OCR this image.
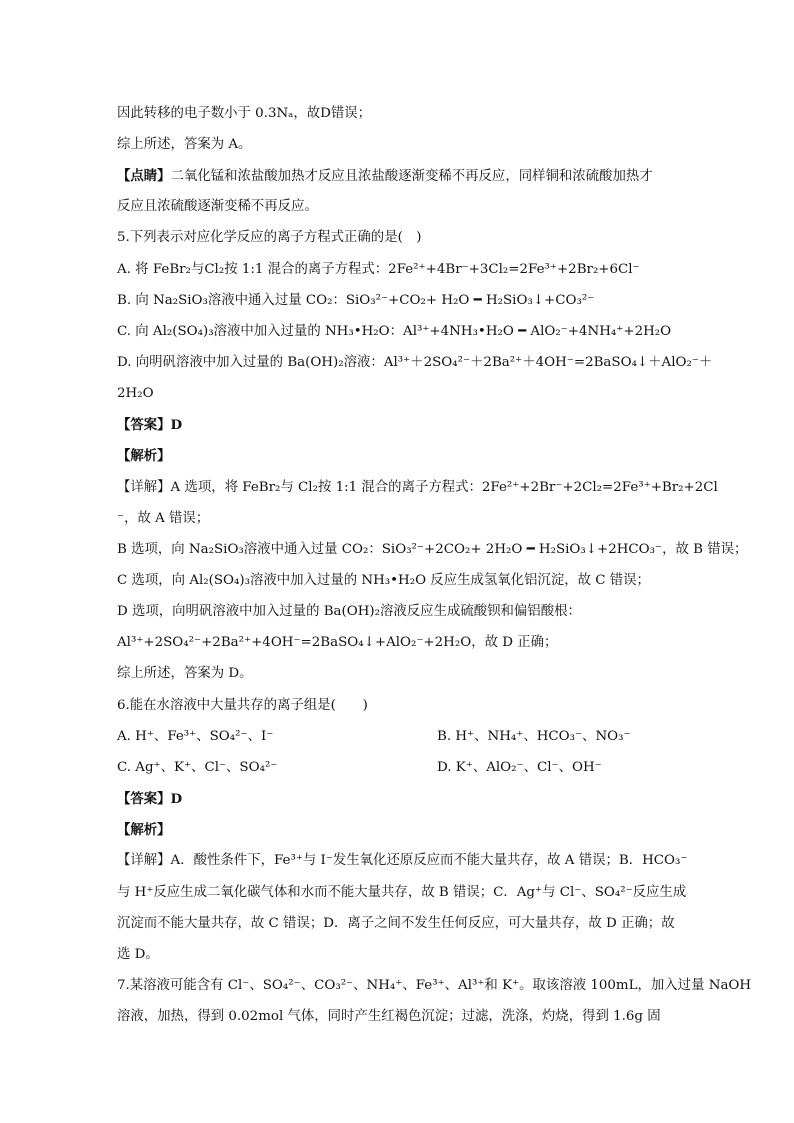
因此转移的电子数小于 0.3Nₐ，故D错误；
综上所述，答案为 A。
【点睛】二氧化锰和浓盐酸加热才反应且浓盐酸逐渐变稀不再反应，同样铜和浓硫酸加热才
反应且浓硫酸逐渐变稀不再反应。
5.下列表示对应化学反应的离子方程式正确的是(　)
A. 将 FeBr₂与Cl₂按 1:1 混合的离子方程式：2Fe²⁺+4Br⁻+3Cl₂=2Fe³⁺+2Br₂+6Cl⁻
B. 向 Na₂SiO₃溶液中通入过量 CO₂：SiO₃²⁻+CO₂+ H₂O ━ H₂SiO₃↓+CO₃²⁻
C. 向 Al₂(SO₄)₃溶液中加入过量的 NH₃•H₂O：Al³⁺+4NH₃•H₂O ━ AlO₂⁻+4NH₄⁺+2H₂O
D. 向明矾溶液中加入过量的 Ba(OH)₂溶液：Al³⁺＋2SO₄²⁻＋2Ba²⁺＋4OH⁻=2BaSO₄↓＋AlO₂⁻＋
2H₂O
【答案】D
【解析】
【详解】A 选项，将 FeBr₂与 Cl₂按 1:1 混合的离子方程式：2Fe²⁺+2Br⁻+2Cl₂=2Fe³⁺+Br₂+2Cl
⁻，故 A 错误；
B 选项，向 Na₂SiO₃溶液中通入过量 CO₂：SiO₃²⁻+2CO₂+ 2H₂O ━ H₂SiO₃↓+2HCO₃⁻，故 B 错误；
C 选项，向 Al₂(SO₄)₃溶液中加入过量的 NH₃•H₂O 反应生成氢氧化铝沉淀，故 C 错误；
D 选项，向明矾溶液中加入过量的 Ba(OH)₂溶液反应生成硫酸钡和偏铝酸根：
Al³⁺+2SO₄²⁻+2Ba²⁺+4OH⁻=2BaSO₄↓+AlO₂⁻+2H₂O，故 D 正确；
综上所述，答案为 D。
6.能在水溶液中大量共存的离子组是(　　)
A. H⁺、Fe³⁺、SO₄²⁻、I⁻	B. H⁺、NH₄⁺、HCO₃⁻、NO₃⁻
C. Ag⁺、K⁺、Cl⁻、SO₄²⁻	D. K⁺、AlO₂⁻、Cl⁻、OH⁻
【答案】D
【解析】
【详解】A．酸性条件下，Fe³⁺与 I⁻发生氧化还原反应而不能大量共存，故 A 错误；B．HCO₃⁻
与 H⁺反应生成二氧化碳气体和水而不能大量共存，故 B 错误；C．Ag⁺与 Cl⁻、SO₄²⁻反应生成
沉淀而不能大量共存，故 C 错误；D．离子之间不发生任何反应，可大量共存，故 D 正确；故
选 D。
7.某溶液可能含有 Cl⁻、SO₄²⁻、CO₃²⁻、NH₄⁺、Fe³⁺、Al³⁺和 K⁺。取该溶液 100mL，加入过量 NaOH
溶液，加热，得到 0.02mol 气体，同时产生红褐色沉淀；过滤，洗涤，灼烧，得到 1.6g 固
